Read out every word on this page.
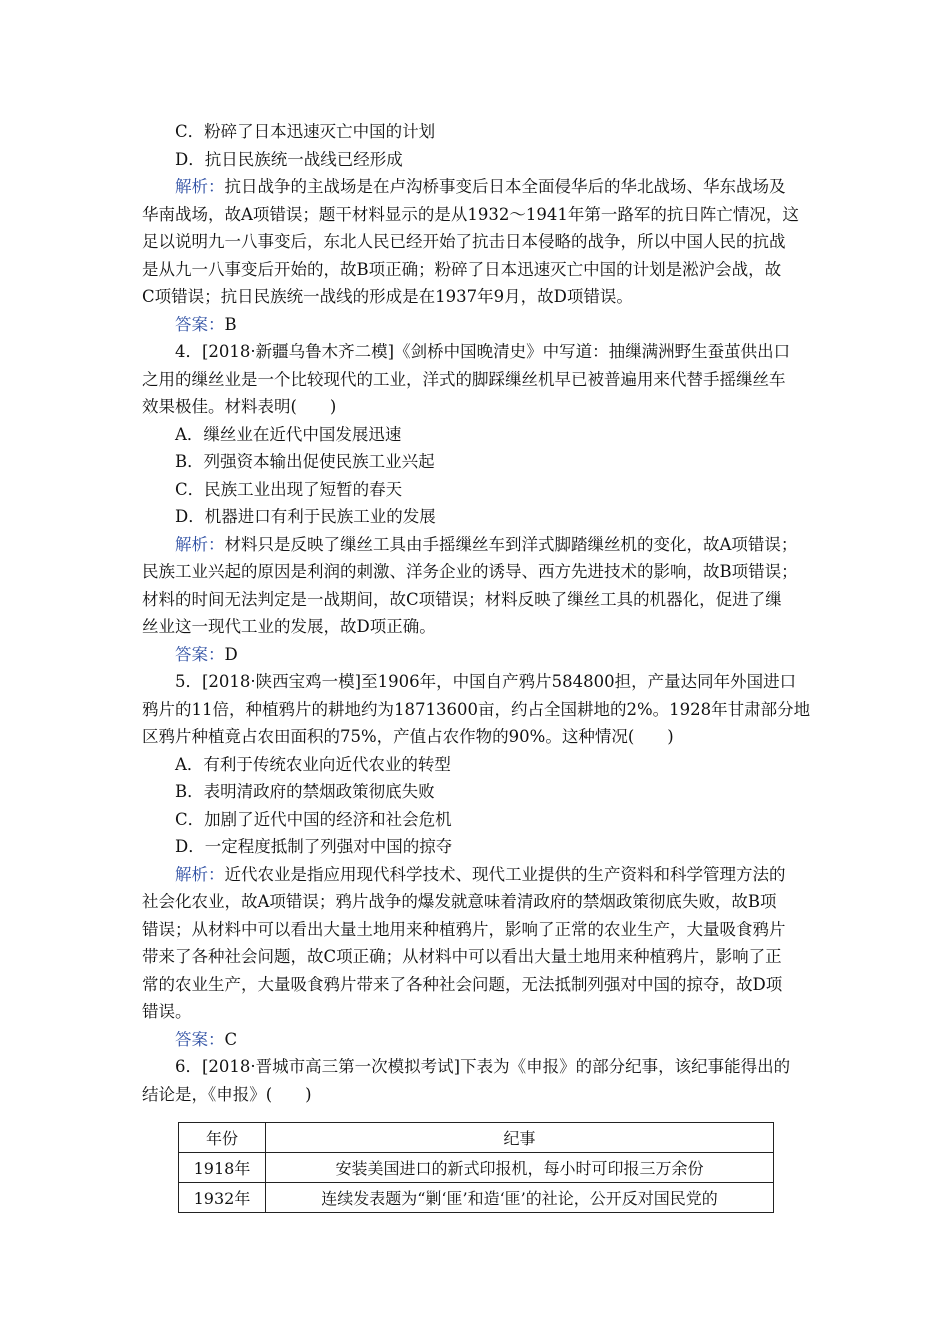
C．粉碎了日本迅速灭亡中国的计划
D．抗日民族统一战线已经形成
解析：抗日战争的主战场是在卢沟桥事变后日本全面侵华后的华北战场、华东战场及
华南战场，故A项错误；题干材料显示的是从1932～1941年第一路军的抗日阵亡情况，这
足以说明九一八事变后，东北人民已经开始了抗击日本侵略的战争，所以中国人民的抗战
是从九一八事变后开始的，故B项正确；粉碎了日本迅速灭亡中国的计划是淞沪会战，故
C项错误；抗日民族统一战线的形成是在1937年9月，故D项错误。
答案：B
4．[2018·新疆乌鲁木齐二模]《剑桥中国晚清史》中写道：抽缫满洲野生蚕茧供出口
之用的缫丝业是一个比较现代的工业，洋式的脚踩缫丝机早已被普遍用来代替手摇缫丝车
效果极佳。材料表明(　　)
A．缫丝业在近代中国发展迅速
B．列强资本输出促使民族工业兴起
C．民族工业出现了短暂的春天
D．机器进口有利于民族工业的发展
解析：材料只是反映了缫丝工具由手摇缫丝车到洋式脚踏缫丝机的变化，故A项错误；
民族工业兴起的原因是利润的刺激、洋务企业的诱导、西方先进技术的影响，故B项错误；
材料的时间无法判定是一战期间，故C项错误；材料反映了缫丝工具的机器化，促进了缫
丝业这一现代工业的发展，故D项正确。
答案：D
5．[2018·陕西宝鸡一模]至1906年，中国自产鸦片584800担，产量达同年外国进口
鸦片的11倍，种植鸦片的耕地约为18713600亩，约占全国耕地的2%。1928年甘肃部分地
区鸦片种植竟占农田面积的75%，产值占农作物的90%。这种情况(　　)
A．有利于传统农业向近代农业的转型
B．表明清政府的禁烟政策彻底失败
C．加剧了近代中国的经济和社会危机
D．一定程度抵制了列强对中国的掠夺
解析：近代农业是指应用现代科学技术、现代工业提供的生产资料和科学管理方法的
社会化农业，故A项错误；鸦片战争的爆发就意味着清政府的禁烟政策彻底失败，故B项
错误；从材料中可以看出大量土地用来种植鸦片，影响了正常的农业生产，大量吸食鸦片
带来了各种社会问题，故C项正确；从材料中可以看出大量土地用来种植鸦片，影响了正
常的农业生产，大量吸食鸦片带来了各种社会问题，无法抵制列强对中国的掠夺，故D项
错误。
答案：C
6．[2018·晋城市高三第一次模拟考试]下表为《申报》的部分纪事，该纪事能得出的
结论是，《申报》(　　)
年份	纪事
1918年	安装美国进口的新式印报机，每小时可印报三万余份
1932年	连续发表题为“剿‘匪’和造‘匪’的社论，公开反对国民党的
